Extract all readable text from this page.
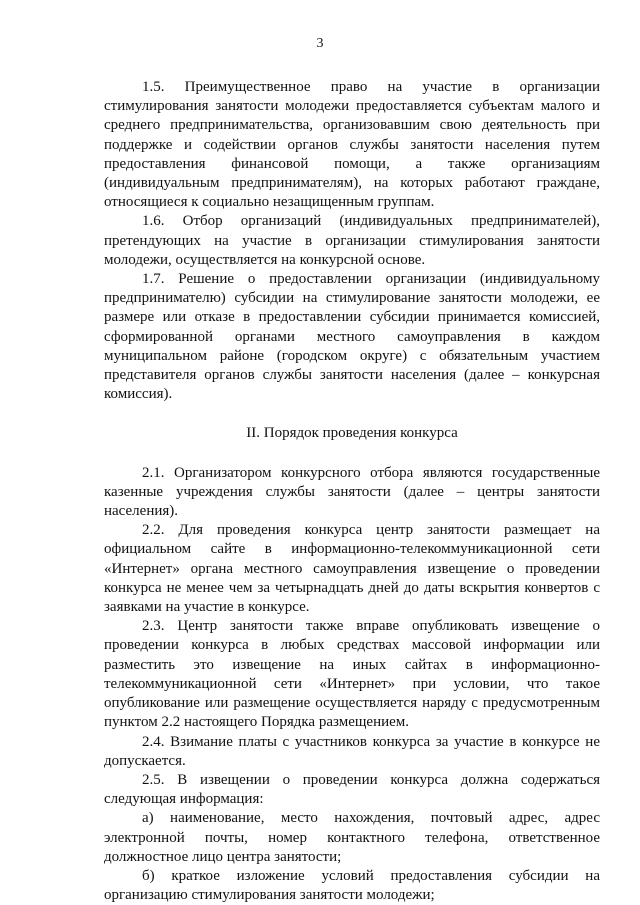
3

1.5. Преимущественное право на участие в организации стимулирования занятости молодежи предоставляется субъектам малого и среднего предпринимательства, организовавшим свою деятельность при поддержке и содействии органов службы занятости населения путем предоставления финансовой помощи, а также организациям (индивидуальным предпринимателям), на которых работают граждане, относящиеся к социально незащищенным группам.

1.6. Отбор организаций (индивидуальных предпринимателей), претендующих на участие в организации стимулирования занятости молодежи, осуществляется на конкурсной основе.

1.7. Решение о предоставлении организации (индивидуальному предпринимателю) субсидии на стимулирование занятости молодежи, ее размере или отказе в предоставлении субсидии принимается комиссией, сформированной органами местного самоуправления в каждом муниципальном районе (городском округе) с обязательным участием представителя органов службы занятости населения (далее – конкурсная комиссия).

II. Порядок проведения конкурса

2.1. Организатором конкурсного отбора являются государственные казенные учреждения службы занятости (далее – центры занятости населения).

2.2. Для проведения конкурса центр занятости размещает на официальном сайте в информационно-телекоммуникационной сети «Интернет» органа местного самоуправления извещение о проведении конкурса не менее чем за четырнадцать дней до даты вскрытия конвертов с заявками на участие в конкурсе.

2.3. Центр занятости также вправе опубликовать извещение о проведении конкурса в любых средствах массовой информации или разместить это извещение на иных сайтах в информационно-телекоммуникационной сети «Интернет» при условии, что такое опубликование или размещение осуществляется наряду с предусмотренным пунктом 2.2 настоящего Порядка размещением.

2.4. Взимание платы с участников конкурса за участие в конкурсе не допускается.

2.5. В извещении о проведении конкурса должна содержаться следующая информация:

а) наименование, место нахождения, почтовый адрес, адрес электронной почты, номер контактного телефона, ответственное должностное лицо центра занятости;

б) краткое изложение условий предоставления субсидии на организацию стимулирования занятости молодежи;
